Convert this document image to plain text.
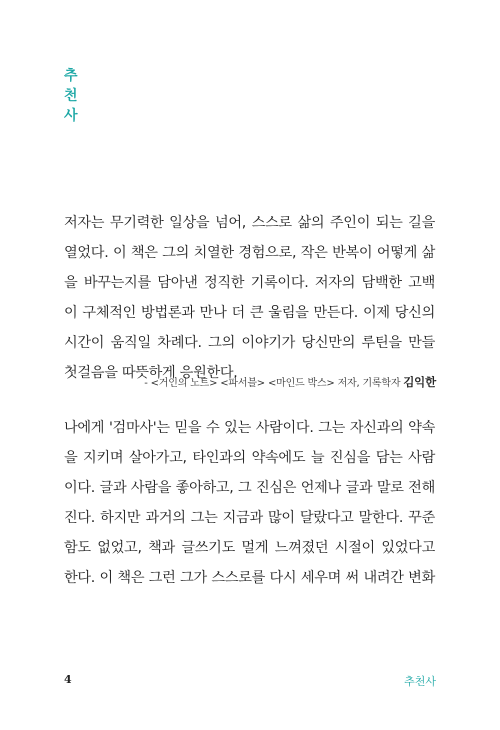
추
천
사

저자는 무기력한 일상을 넘어, 스스로 삶의 주인이 되는 길을
열었다. 이 책은 그의 치열한 경험으로, 작은 반복이 어떻게 삶
을 바꾸는지를 담아낸 정직한 기록이다. 저자의 담백한 고백
이 구체적인 방법론과 만나 더 큰 울림을 만든다. 이제 당신의
시간이 움직일 차례다. 그의 이야기가 당신만의 루틴을 만들
첫걸음을 따뜻하게 응원한다.

- <거인의 노트> <파서블> <마인드 박스> 저자, 기록학자 김익한

나에게 '검마사'는 믿을 수 있는 사람이다. 그는 자신과의 약속
을 지키며 살아가고, 타인과의 약속에도 늘 진심을 담는 사람
이다. 글과 사람을 좋아하고, 그 진심은 언제나 글과 말로 전해
진다. 하지만 과거의 그는 지금과 많이 달랐다고 말한다. 꾸준
함도 없었고, 책과 글쓰기도 멀게 느껴졌던 시절이 있었다고
한다. 이 책은 그런 그가 스스로를 다시 세우며 써 내려간 변화

4	추천사
